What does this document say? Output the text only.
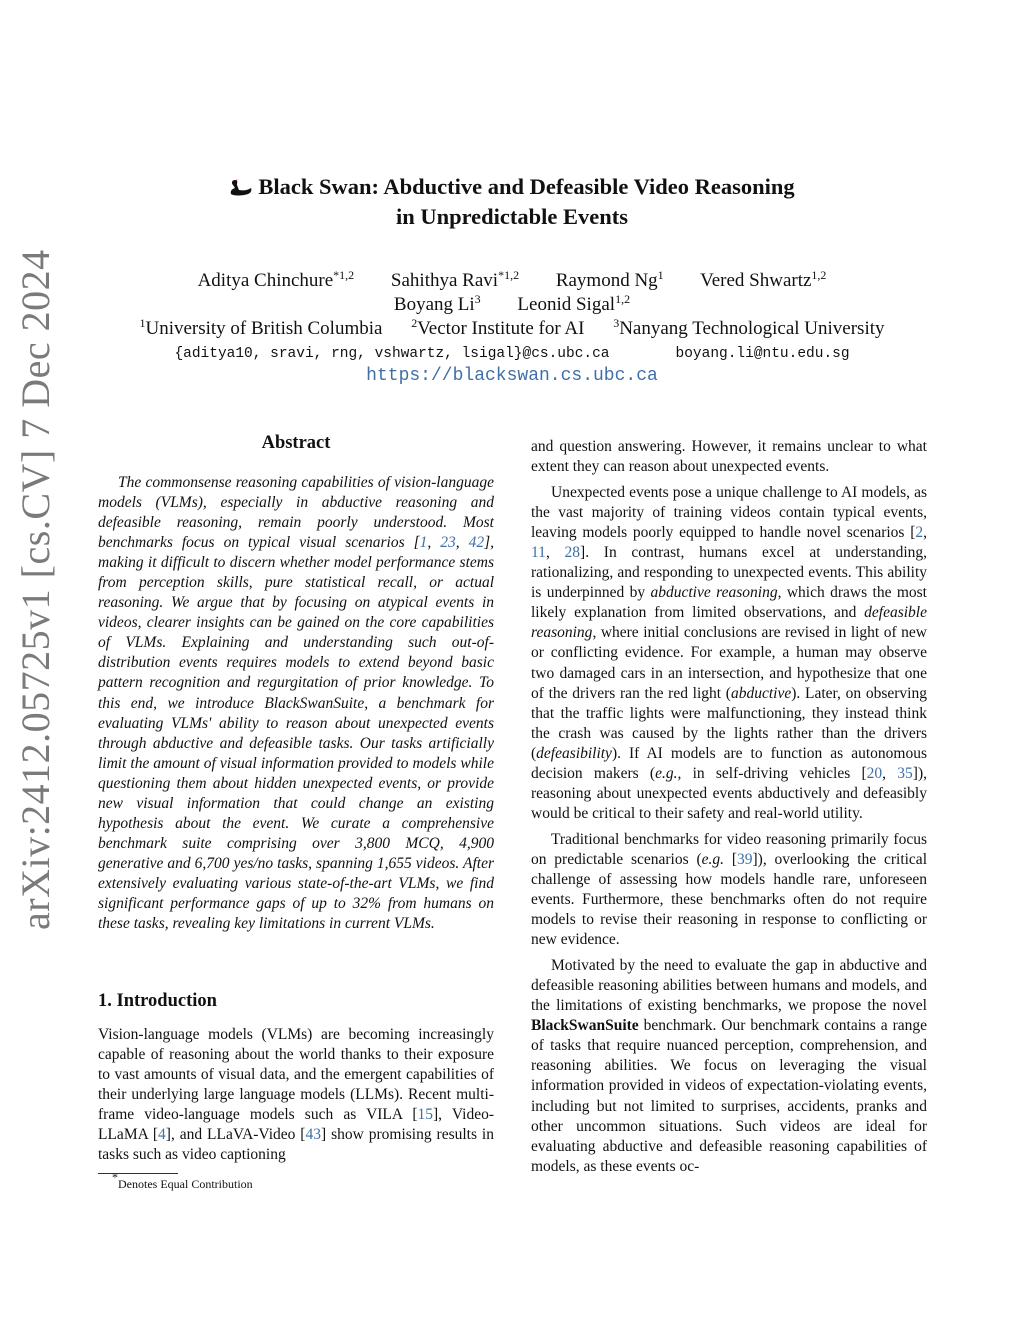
arXiv:2412.05725v1 [cs.CV] 7 Dec 2024
Black Swan: Abductive and Defeasible Video Reasoning
in Unpredictable Events
Aditya Chinchure$^{*1,2}$ Sahithya Ravi$^{*1,2}$ Raymond Ng$^1$ Vered Shwartz$^{1,2}$
Boyang Li$^3$ Leonid Sigal$^{1,2}$
$^1$University of British Columbia $^2$Vector Institute for AI $^3$Nanyang Technological University
{aditya10, sravi, rng, vshwartz, lsigal}@cs.ubc.ca	boyang.li@ntu.edu.sg
https://blackswan.cs.ubc.ca
Abstract

The commonsense reasoning capabilities of vision-language models (VLMs), especially in abductive reasoning and defeasible reasoning, remain poorly understood. Most benchmarks focus on typical visual scenarios [1, 23, 42], making it difficult to discern whether model performance stems from perception skills, pure statistical recall, or actual reasoning. We argue that by focusing on atypical events in videos, clearer insights can be gained on the core capabilities of VLMs. Explaining and understanding such out-of-distribution events requires models to extend beyond basic pattern recognition and regurgitation of prior knowledge. To this end, we introduce BlackSwanSuite, a benchmark for evaluating VLMs' ability to reason about unexpected events through abductive and defeasible tasks. Our tasks artificially limit the amount of visual information provided to models while questioning them about hidden unexpected events, or provide new visual information that could change an existing hypothesis about the event. We curate a comprehensive benchmark suite comprising over 3,800 MCQ, 4,900 generative and 6,700 yes/no tasks, spanning 1,655 videos. After extensively evaluating various state-of-the-art VLMs, we find significant performance gaps of up to 32% from humans on these tasks, revealing key limitations in current VLMs.

1. Introduction

Vision-language models (VLMs) are becoming increasingly capable of reasoning about the world thanks to their exposure to vast amounts of visual data, and the emergent capabilities of their underlying large language models (LLMs). Recent multi-frame video-language models such as VILA [15], Video-LLaMA [4], and LLaVA-Video [43] show promising results in tasks such as video captioning

*Denotes Equal Contribution

and question answering. However, it remains unclear to what extent they can reason about unexpected events.

Unexpected events pose a unique challenge to AI models, as the vast majority of training videos contain typical events, leaving models poorly equipped to handle novel scenarios [2, 11, 28]. In contrast, humans excel at understanding, rationalizing, and responding to unexpected events. This ability is underpinned by abductive reasoning, which draws the most likely explanation from limited observations, and defeasible reasoning, where initial conclusions are revised in light of new or conflicting evidence. For example, a human may observe two damaged cars in an intersection, and hypothesize that one of the drivers ran the red light (abductive). Later, on observing that the traffic lights were malfunctioning, they instead think the crash was caused by the lights rather than the drivers (defeasibility). If AI models are to function as autonomous decision makers (e.g., in self-driving vehicles [20, 35]), reasoning about unexpected events abductively and defeasibly would be critical to their safety and real-world utility.

Traditional benchmarks for video reasoning primarily focus on predictable scenarios (e.g. [39]), overlooking the critical challenge of assessing how models handle rare, unforeseen events. Furthermore, these benchmarks often do not require models to revise their reasoning in response to conflicting or new evidence.

Motivated by the need to evaluate the gap in abductive and defeasible reasoning abilities between humans and models, and the limitations of existing benchmarks, we propose the novel BlackSwanSuite benchmark. Our benchmark contains a range of tasks that require nuanced perception, comprehension, and reasoning abilities. We focus on leveraging the visual information provided in videos of expectation-violating events, including but not limited to surprises, accidents, pranks and other uncommon situations. Such videos are ideal for evaluating abductive and defeasible reasoning capabilities of models, as these events oc-
